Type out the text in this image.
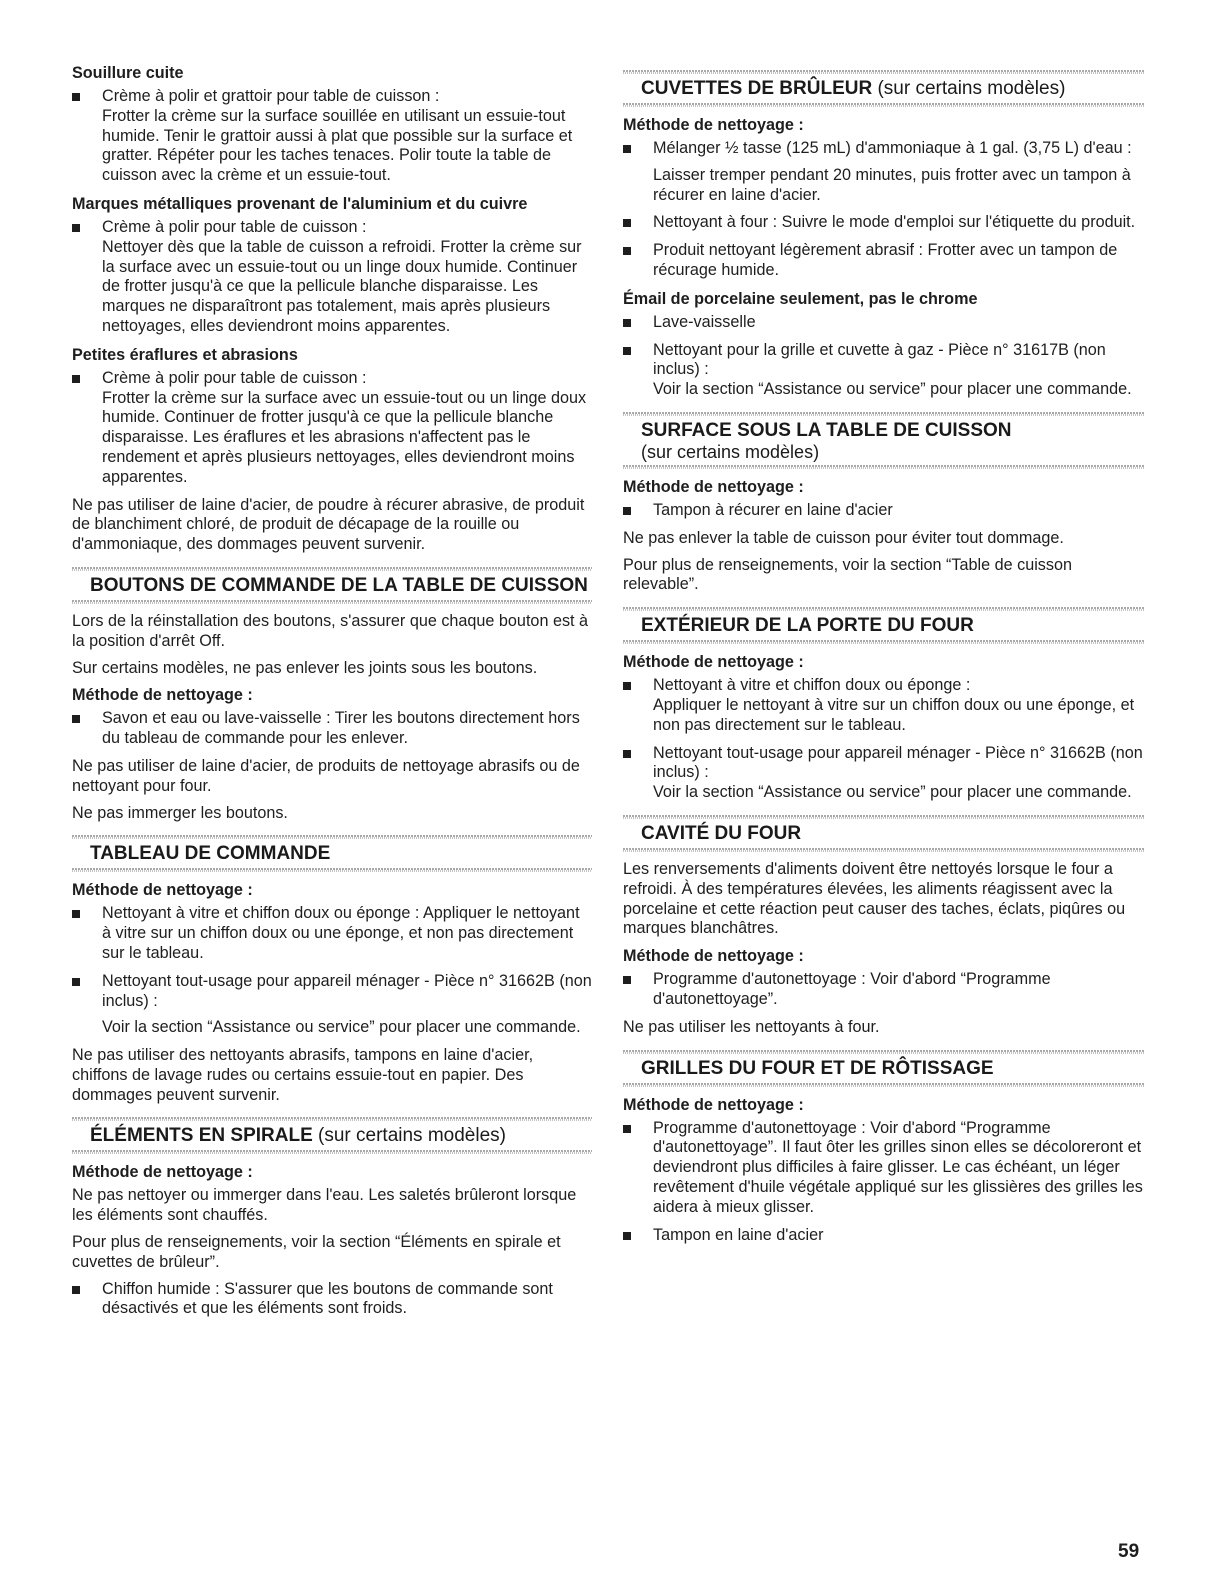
Souillure cuite
Crème à polir et grattoir pour table de cuisson :
Frotter la crème sur la surface souillée en utilisant un essuie-tout humide. Tenir le grattoir aussi à plat que possible sur la surface et gratter. Répéter pour les taches tenaces. Polir toute la table de cuisson avec la crème et un essuie-tout.
Marques métalliques provenant de l'aluminium et du cuivre
Crème à polir pour table de cuisson :
Nettoyer dès que la table de cuisson a refroidi. Frotter la crème sur la surface avec un essuie-tout ou un linge doux humide. Continuer de frotter jusqu'à ce que la pellicule blanche disparaisse. Les marques ne disparaîtront pas totalement, mais après plusieurs nettoyages, elles deviendront moins apparentes.
Petites éraflures et abrasions
Crème à polir pour table de cuisson :
Frotter la crème sur la surface avec un essuie-tout ou un linge doux humide. Continuer de frotter jusqu'à ce que la pellicule blanche disparaisse. Les éraflures et les abrasions n'affectent pas le rendement et après plusieurs nettoyages, elles deviendront moins apparentes.

Ne pas utiliser de laine d'acier, de poudre à récurer abrasive, de produit de blanchiment chloré, de produit de décapage de la rouille ou d'ammoniaque, des dommages peuvent survenir.

BOUTONS DE COMMANDE DE LA TABLE DE CUISSON

Lors de la réinstallation des boutons, s'assurer que chaque bouton est à la position d'arrêt Off.

Sur certains modèles, ne pas enlever les joints sous les boutons.

Méthode de nettoyage :
Savon et eau ou lave-vaisselle : Tirer les boutons directement hors du tableau de commande pour les enlever.

Ne pas utiliser de laine d'acier, de produits de nettoyage abrasifs ou de nettoyant pour four.

Ne pas immerger les boutons.

TABLEAU DE COMMANDE
Méthode de nettoyage :
Nettoyant à vitre et chiffon doux ou éponge : Appliquer le nettoyant à vitre sur un chiffon doux ou une éponge, et non pas directement sur le tableau.
Nettoyant tout-usage pour appareil ménager - Pièce n° 31662B (non inclus) :
Voir la section “Assistance ou service” pour placer une commande.

Ne pas utiliser des nettoyants abrasifs, tampons en laine d'acier, chiffons de lavage rudes ou certains essuie-tout en papier. Des dommages peuvent survenir.

ÉLÉMENTS EN SPIRALE (sur certains modèles)
Méthode de nettoyage :

Ne pas nettoyer ou immerger dans l'eau. Les saletés brûleront lorsque les éléments sont chauffés.

Pour plus de renseignements, voir la section “Éléments en spirale et cuvettes de brûleur”.

Chiffon humide : S'assurer que les boutons de commande sont désactivés et que les éléments sont froids.
CUVETTES DE BRÛLEUR (sur certains modèles)
Méthode de nettoyage :
Mélanger ½ tasse (125 mL) d'ammoniaque à 1 gal. (3,75 L) d'eau :
Laisser tremper pendant 20 minutes, puis frotter avec un tampon à récurer en laine d'acier.
Nettoyant à four : Suivre le mode d'emploi sur l'étiquette du produit.
Produit nettoyant légèrement abrasif : Frotter avec un tampon de récurage humide.
Émail de porcelaine seulement, pas le chrome
Lave-vaisselle
Nettoyant pour la grille et cuvette à gaz - Pièce n° 31617B (non inclus) :
Voir la section “Assistance ou service” pour placer une commande.
SURFACE SOUS LA TABLE DE CUISSON
(sur certains modèles)
Méthode de nettoyage :
Tampon à récurer en laine d'acier

Ne pas enlever la table de cuisson pour éviter tout dommage.

Pour plus de renseignements, voir la section “Table de cuisson relevable”.

EXTÉRIEUR DE LA PORTE DU FOUR
Méthode de nettoyage :
Nettoyant à vitre et chiffon doux ou éponge :
Appliquer le nettoyant à vitre sur un chiffon doux ou une éponge, et non pas directement sur le tableau.
Nettoyant tout-usage pour appareil ménager - Pièce n° 31662B (non inclus) :
Voir la section “Assistance ou service” pour placer une commande.
CAVITÉ DU FOUR

Les renversements d'aliments doivent être nettoyés lorsque le four a refroidi. À des températures élevées, les aliments réagissent avec la porcelaine et cette réaction peut causer des taches, éclats, piqûres ou marques blanchâtres.

Méthode de nettoyage :
Programme d'autonettoyage : Voir d'abord “Programme d'autonettoyage”.

Ne pas utiliser les nettoyants à four.

GRILLES DU FOUR ET DE RÔTISSAGE
Méthode de nettoyage :
Programme d'autonettoyage : Voir d'abord “Programme d'autonettoyage”. Il faut ôter les grilles sinon elles se décoloreront et deviendront plus difficiles à faire glisser. Le cas échéant, un léger revêtement d'huile végétale appliqué sur les glissières des grilles les aidera à mieux glisser.
Tampon en laine d'acier
59
